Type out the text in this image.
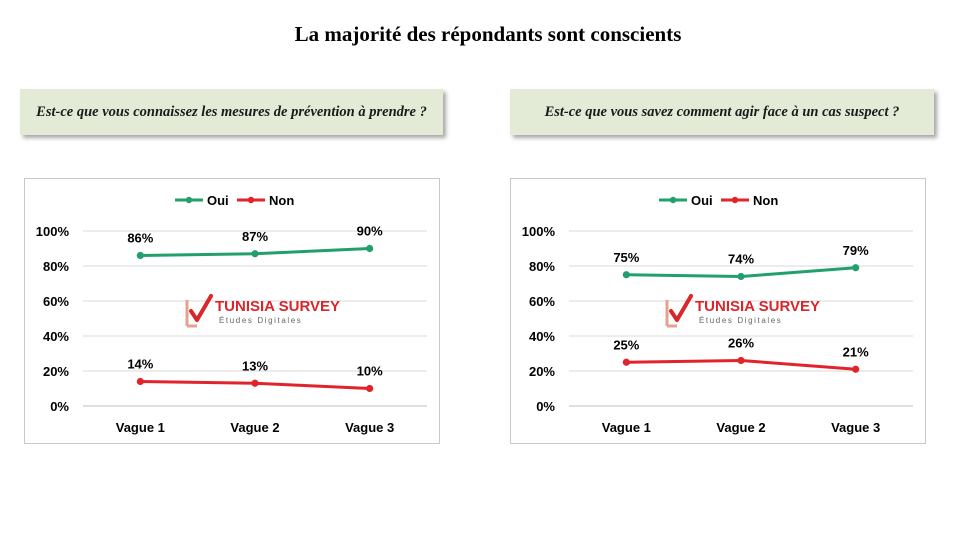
La majorité des répondants sont conscients
Est-ce que vous connaissez les mesures de prévention à prendre ?	Est-ce que vous savez comment agir face à un cas suspect ?
0%
20%
40%
60%
80%
100%
Vague 1	Vague 2	Vague 3
Oui	Non
TUNISIA SURVEY
Études Digitales
86%	87%	90%
14%	13%	10%
0%
20%
40%
60%
80%
100%
Vague 1	Vague 2	Vague 3
Oui	Non
TUNISIA SURVEY
Études Digitales
75%	74%
79%
25%	26%
21%
